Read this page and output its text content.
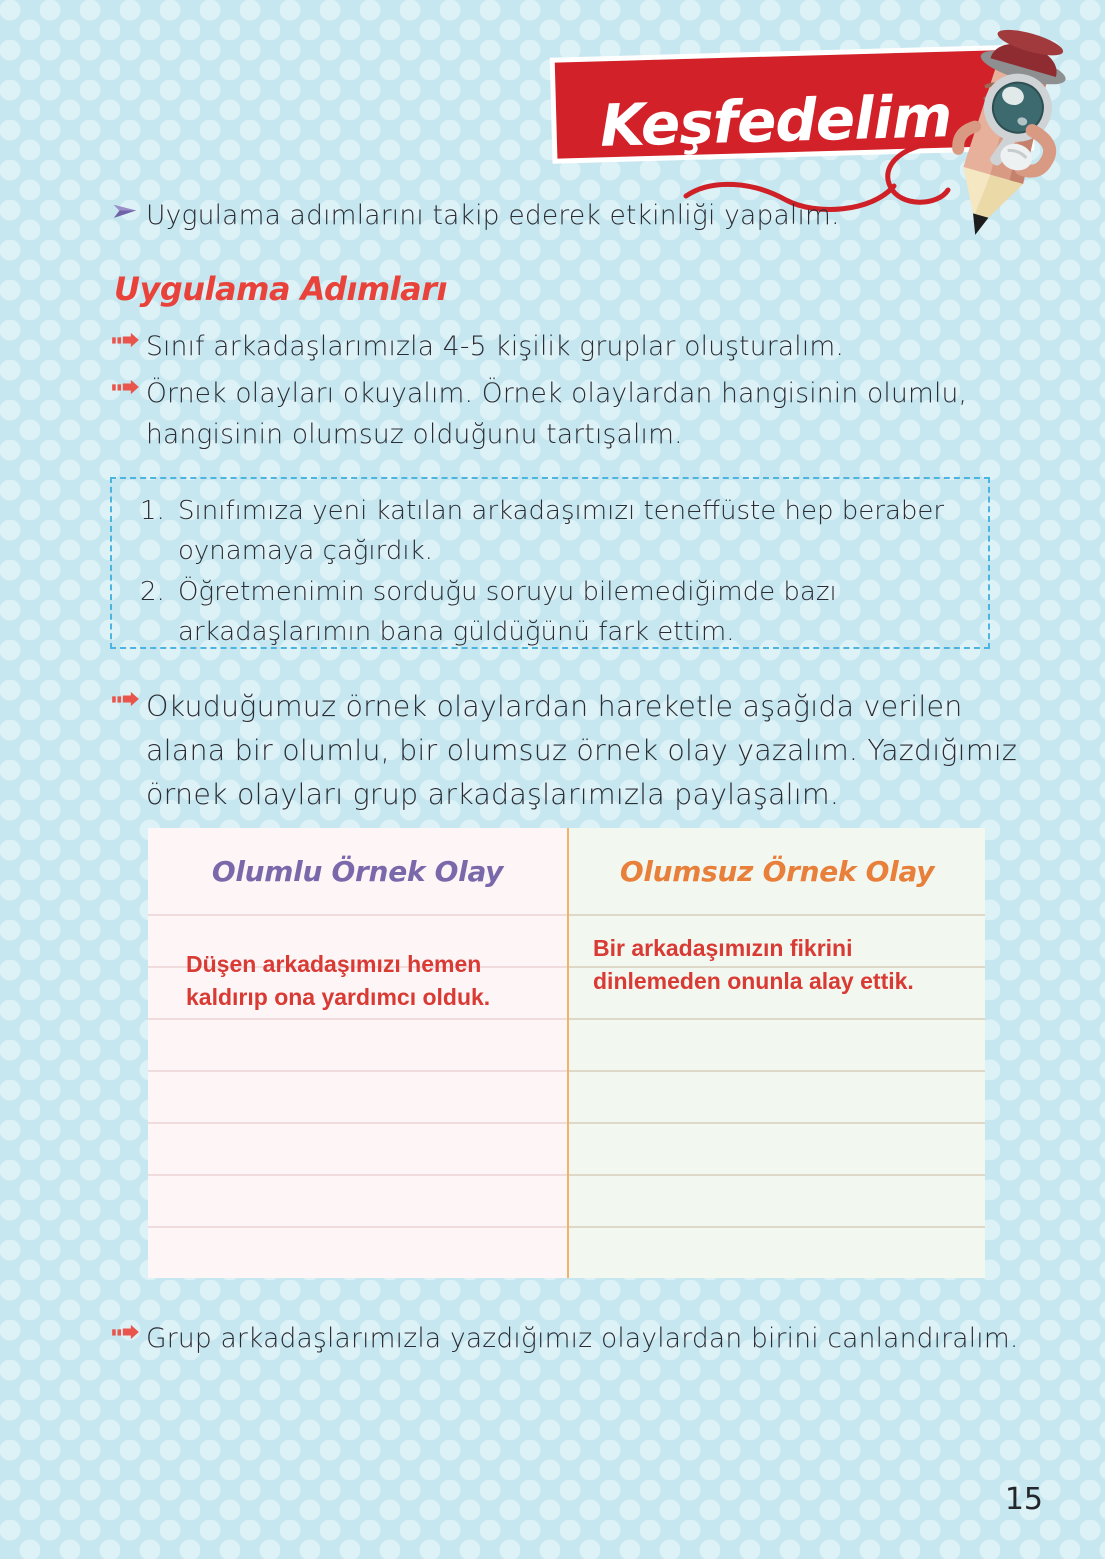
Keşfedelim
Uygulama adımlarını takip ederek etkinliği yapalım.
Uygulama Adımları
Sınıf arkadaşlarımızla 4-5 kişilik gruplar oluşturalım.
Örnek olayları okuyalım. Örnek olaylardan hangisinin olumlu, hangisinin olumsuz olduğunu tartışalım.
1. Sınıfımıza yeni katılan arkadaşımızı teneffüste hep beraber oynamaya çağırdık.
2. Öğretmenimin sorduğu soruyu bilemediğimde bazı arkadaşlarımın bana güldüğünü fark ettim.
Okuduğumuz örnek olaylardan hareketle aşağıda verilen alana bir olumlu, bir olumsuz örnek olay yazalım. Yazdığımız örnek olayları grup arkadaşlarımızla paylaşalım.
Olumlu Örnek Olay
Düşen arkadaşımızı hemen kaldırıp ona yardımcı olduk.
Olumsuz Örnek Olay
Bir arkadaşımızın fikrini dinlemeden onunla alay ettik.
Grup arkadaşlarımızla yazdığımız olaylardan birini canlandıralım.
15
